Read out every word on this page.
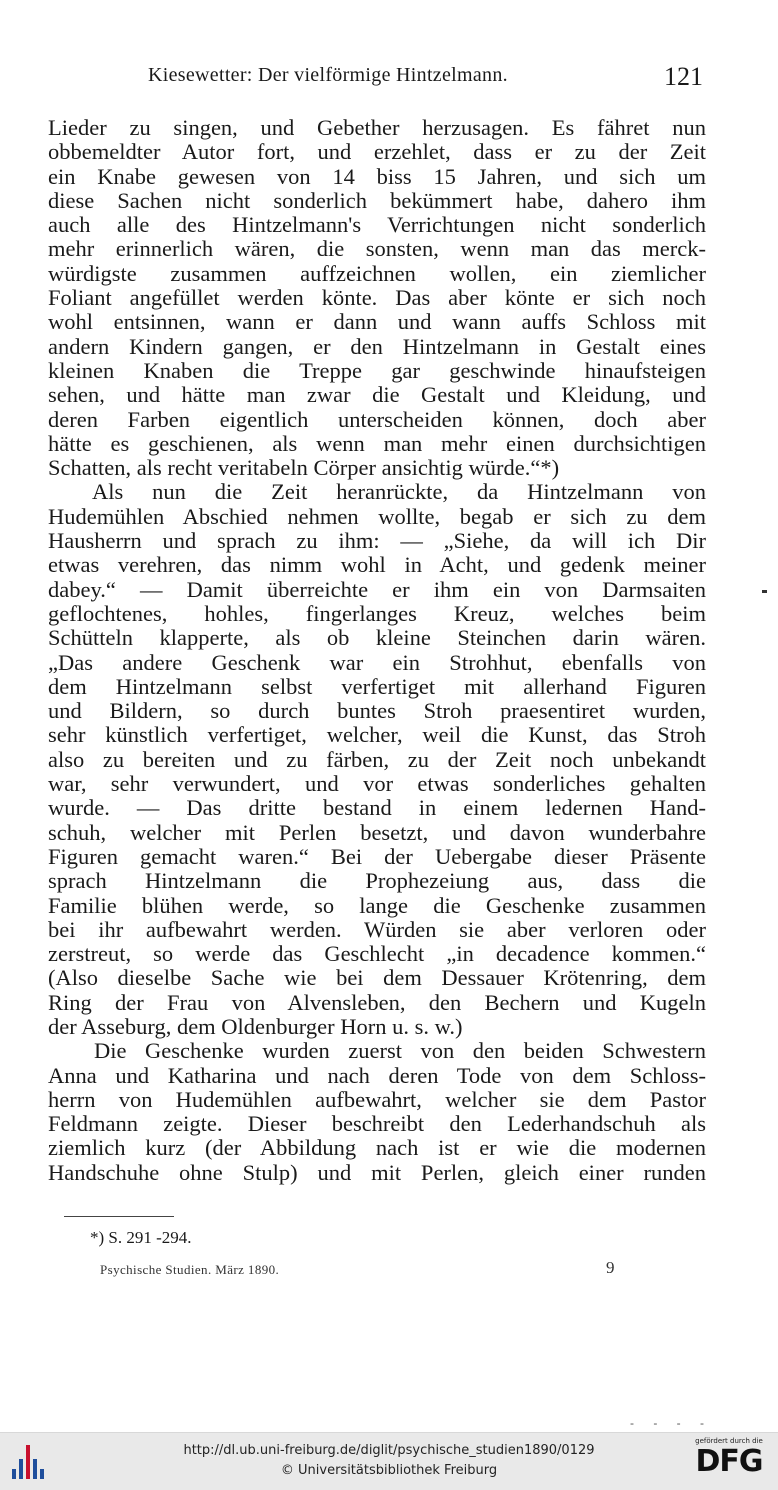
Kiesewetter: Der vielförmige Hintzelmann.	121
Lieder zu singen, und Gebether herzusagen. Es fähret nun
obbemeldter Autor fort, und erzehlet, dass er zu der Zeit
ein Knabe gewesen von 14 biss 15 Jahren, und sich um
diese Sachen nicht sonderlich bekümmert habe, dahero ihm
auch alle des Hintzelmann's Verrichtungen nicht sonderlich
mehr erinnerlich wären, die sonsten, wenn man das merck-
würdigste zusammen auffzeichnen wollen, ein ziemlicher
Foliant angefüllet werden könte. Das aber könte er sich noch
wohl entsinnen, wann er dann und wann auffs Schloss mit
andern Kindern gangen, er den Hintzelmann in Gestalt eines
kleinen Knaben die Treppe gar geschwinde hinaufsteigen
sehen, und hätte man zwar die Gestalt und Kleidung, und
deren Farben eigentlich unterscheiden können, doch aber
hätte es geschienen, als wenn man mehr einen durchsichtigen
Schatten, als recht veritabeln Cörper ansichtig würde.“*)
Als nun die Zeit heranrückte, da Hintzelmann von
Hudemühlen Abschied nehmen wollte, begab er sich zu dem
Hausherrn und sprach zu ihm: — „Siehe, da will ich Dir
etwas verehren, das nimm wohl in Acht, und gedenk meiner
dabey.“ — Damit überreichte er ihm ein von Darmsaiten
geflochtenes, hohles, fingerlanges Kreuz, welches beim
Schütteln klapperte, als ob kleine Steinchen darin wären.
„Das andere Geschenk war ein Strohhut, ebenfalls von
dem Hintzelmann selbst verfertiget mit allerhand Figuren
und Bildern, so durch buntes Stroh praesentiret wurden,
sehr künstlich verfertiget, welcher, weil die Kunst, das Stroh
also zu bereiten und zu färben, zu der Zeit noch unbekandt
war, sehr verwundert, und vor etwas sonderliches gehalten
wurde. — Das dritte bestand in einem ledernen Hand-
schuh, welcher mit Perlen besetzt, und davon wunderbahre
Figuren gemacht waren.“ Bei der Uebergabe dieser Präsente
sprach Hintzelmann die Prophezeiung aus, dass die
Familie blühen werde, so lange die Geschenke zusammen
bei ihr aufbewahrt werden. Würden sie aber verloren oder
zerstreut, so werde das Geschlecht „in decadence kommen.“
(Also dieselbe Sache wie bei dem Dessauer Krötenring, dem
Ring der Frau von Alvensleben, den Bechern und Kugeln
der Asseburg, dem Oldenburger Horn u. s. w.)
Die Geschenke wurden zuerst von den beiden Schwestern
Anna und Katharina und nach deren Tode von dem Schloss-
herrn von Hudemühlen aufbewahrt, welcher sie dem Pastor
Feldmann zeigte. Dieser beschreibt den Lederhandschuh als
ziemlich kurz (der Abbildung nach ist er wie die modernen
Handschuhe ohne Stulp) und mit Perlen, gleich einer runden
*) S. 291 -294.
Psychische Studien. März 1890.	9
- - - -
http://dl.ub.uni-freiburg.de/diglit/psychische_studien1890/0129
© Universitätsbibliothek Freiburg
gefördert durch die
DFG
